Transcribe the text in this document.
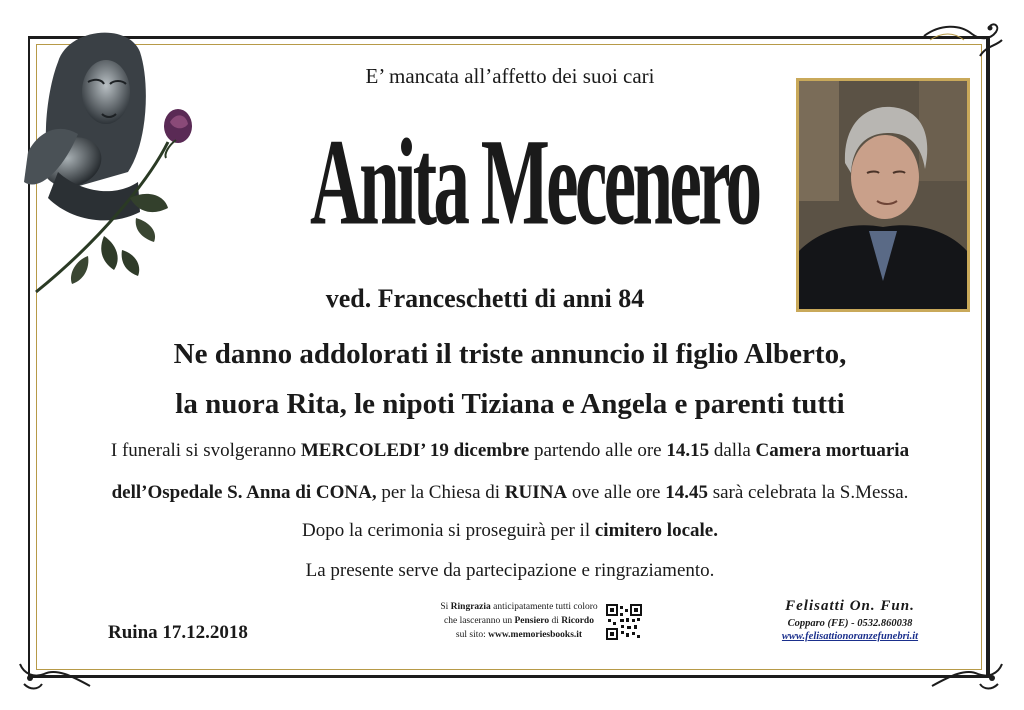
E’ mancata all’affetto dei suoi cari
Anita Mecenero
ved. Franceschetti di anni 84
Ne danno addolorati il triste annuncio il figlio Alberto,
la nuora Rita, le nipoti Tiziana e Angela e parenti tutti
I funerali si svolgeranno MERCOLEDI’ 19 dicembre partendo alle ore 14.15 dalla Camera mortuaria
dell’Ospedale S. Anna di CONA, per la Chiesa di RUINA ove alle ore 14.45 sarà celebrata la S.Messa.
Dopo la cerimonia si proseguirà per il cimitero locale.
La presente serve da partecipazione e ringraziamento.
Ruina 17.12.2018
Si Ringrazia anticipatamente tutti coloro
che lasceranno un Pensiero di Ricordo
sul sito: www.memoriesbooks.it
Felisatti On. Fun.
Copparo (FE) - 0532.860038
www.felisattionoranzefunebri.it
